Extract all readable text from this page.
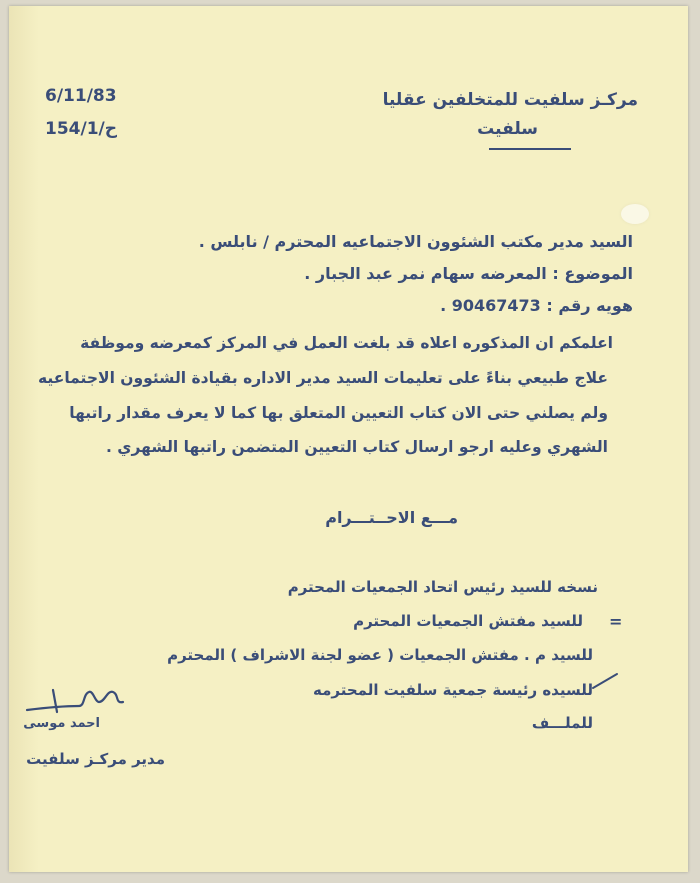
6/11/83
154/1/ح
مركـز سلفيت للمتخلفين عقليا
سلفيت
السيد مدير مكتب الشئوون الاجتماعيه المحترم / نابلس .
الموضوع : المعرضه سهام نمر عبد الجبار .
هويه رقم : 90467473 .
اعلمكم ان المذكوره اعلاه قد بلغت العمل في المركز كمعرضه وموظفة
علاج طبيعي بناءً على تعليمات السيد مدير الاداره بقيادة الشئوون الاجتماعيه
ولم يصلني حتى الان كتاب التعيين المتعلق بها كما لا يعرف مقدار راتبها
الشهري وعليه ارجو ارسال كتاب التعيين المتضمن راتبها الشهري .
مـــع الاحــتـــرام
نسخه للسيد رئيس اتحاد الجمعيات المحترم
=
للسيد مفتش الجمعيات المحترم
للسيد م . مفتش الجمعيات ( عضو لجنة الاشراف ) المحترم
للسيده رئيسة جمعية سلفيت المحترمه
للملـــف
احمد موسى
مدير مركـز سلفيت
